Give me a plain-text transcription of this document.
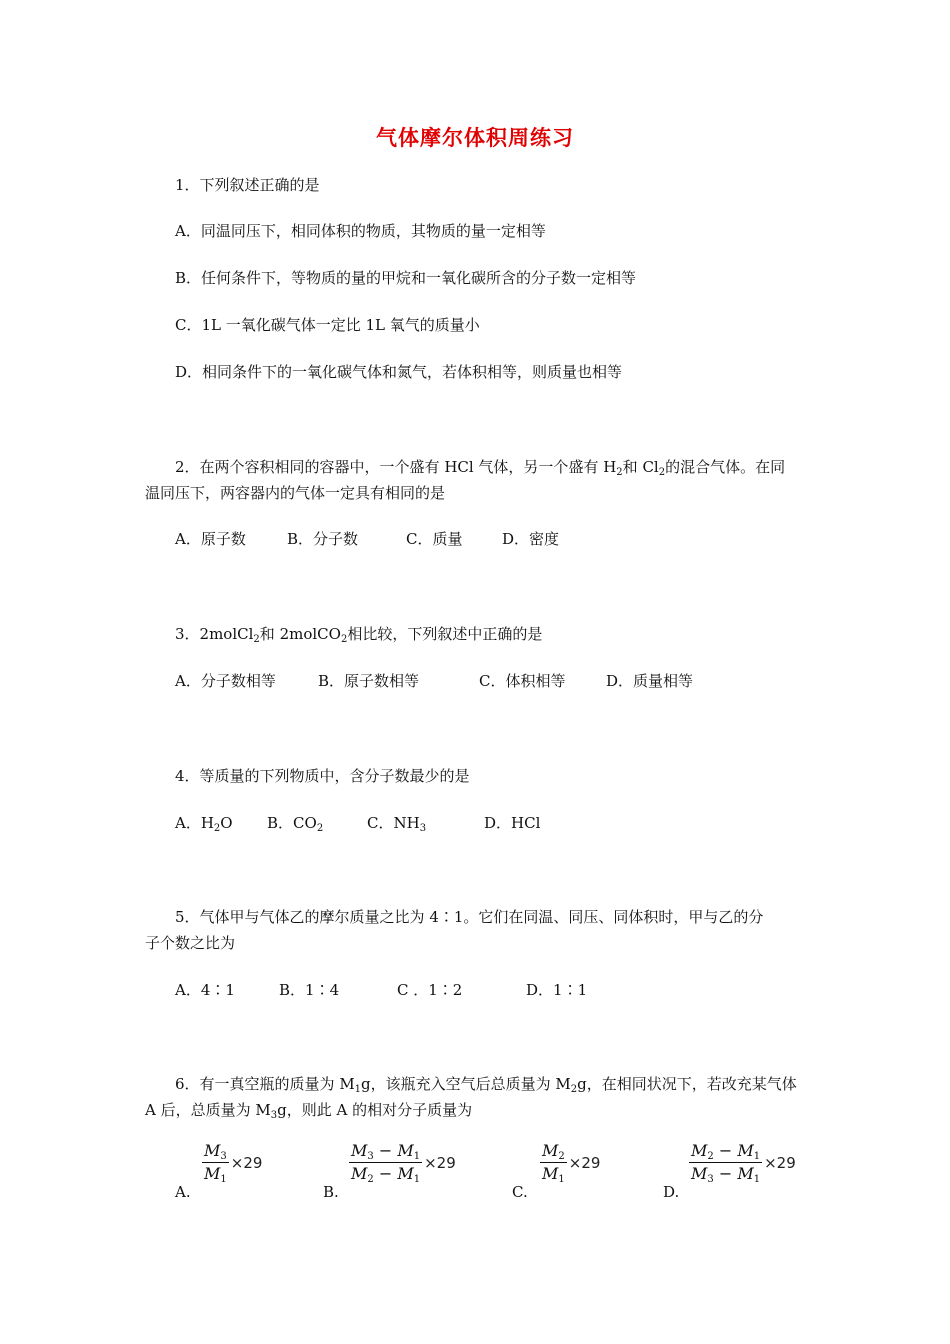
气体摩尔体积周练习
1．下列叙述正确的是
A．同温同压下，相同体积的物质，其物质的量一定相等
B．任何条件下，等物质的量的甲烷和一氧化碳所含的分子数一定相等
C．1L 一氧化碳气体一定比 1L 氧气的质量小
D．相同条件下的一氧化碳气体和氮气，若体积相等，则质量也相等
2．在两个容积相同的容器中，一个盛有 HCl 气体，另一个盛有 $H_2$和 $Cl_2$的混合气体。在同
温同压下，两容器内的气体一定具有相同的是
A．原子数	B．分子数	C．质量	D．密度
3．2molCl$_2$和 2molCO$_2$相比较，下列叙述中正确的是
A．分子数相等	B．原子数相等	C．体积相等	D．质量相等
4．等质量的下列物质中，含分子数最少的是
A．$H_2O$ B．$CO_2$	C．$NH_3$	D．HCl
5．气体甲与气体乙的摩尔质量之比为 4∶1。它们在同温、同压、同体积时，甲与乙的分
子个数之比为
A．4∶1	B．1∶4	C ．1∶2	D．1∶1
6．有一真空瓶的质量为 $M_1g$，该瓶充入空气后总质量为 $M_2g$，在相同状况下，若改充某气体
A 后，总质量为 $M_3g$，则此 A 的相对分子质量为
A.
$\frac{M_3}{M_1} \times 29$
B.
$\frac{M_3 - M_1}{M_2 - M_1} \times 29$
C.
$\frac{M_2}{M_1} \times 29$
D.
$\frac{M_2 - M_1}{M_3 - M_1} \times 29$
